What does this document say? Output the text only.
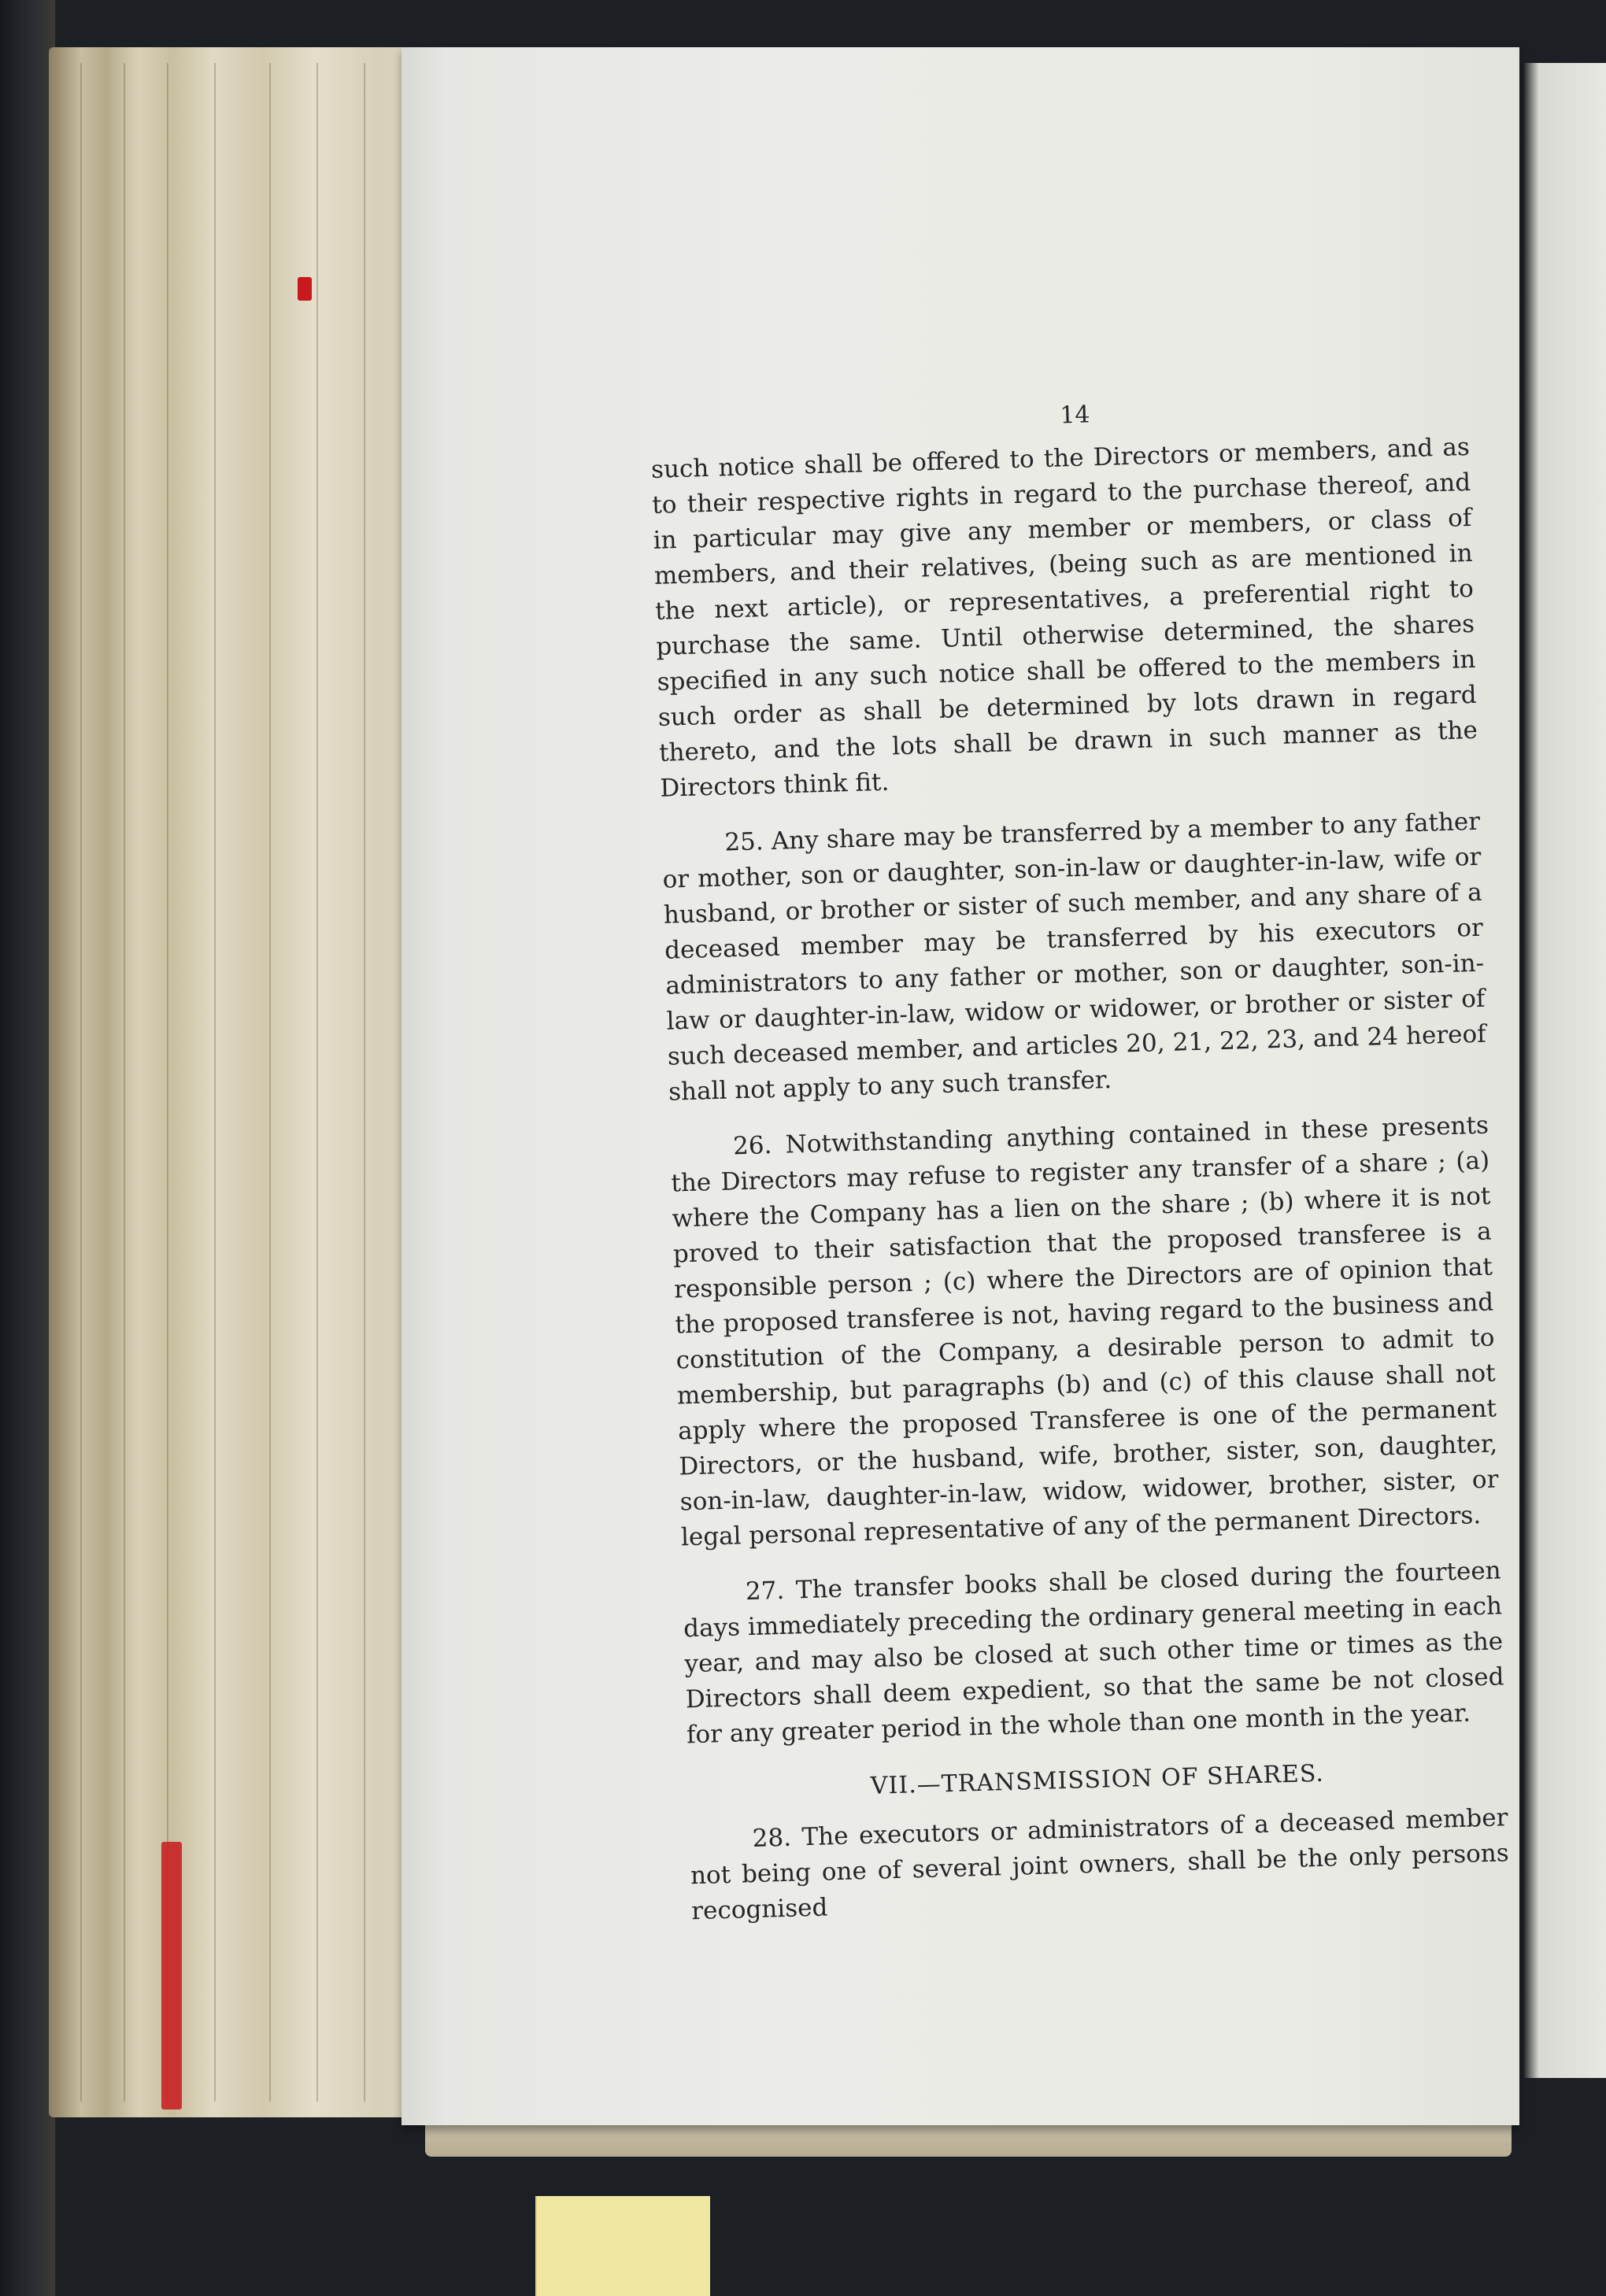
14

such notice shall be offered to the Directors or members, and as to their respective rights in regard to the purchase thereof, and in particular may give any member or members, or class of members, and their relatives, (being such as are mentioned in the next article), or representatives, a preferential right to purchase the same. Until otherwise determined, the shares specified in any such notice shall be offered to the members in such order as shall be determined by lots drawn in regard thereto, and the lots shall be drawn in such manner as the Directors think fit.

25. Any share may be transferred by a member to any father or mother, son or daughter, son-in-law or daughter-in-law, wife or husband, or brother or sister of such member, and any share of a deceased member may be transferred by his executors or administrators to any father or mother, son or daughter, son-in-law or daughter-in-law, widow or widower, or brother or sister of such deceased member, and articles 20, 21, 22, 23, and 24 hereof shall not apply to any such transfer.

26. Notwithstanding anything contained in these presents the Directors may refuse to register any transfer of a share ; (a) where the Company has a lien on the share ; (b) where it is not proved to their satisfaction that the proposed transferee is a responsible person ; (c) where the Directors are of opinion that the proposed transferee is not, having regard to the business and constitution of the Company, a desirable person to admit to membership, but paragraphs (b) and (c) of this clause shall not apply where the proposed Transferee is one of the permanent Directors, or the husband, wife, brother, sister, son, daughter, son-in-law, daughter-in-law, widow, widower, brother, sister, or legal personal representative of any of the permanent Directors.

27. The transfer books shall be closed during the fourteen days immediately preceding the ordinary general meeting in each year, and may also be closed at such other time or times as the Directors shall deem expedient, so that the same be not closed for any greater period in the whole than one month in the year.

VII.—TRANSMISSION OF SHARES.

28. The executors or administrators of a deceased member not being one of several joint owners, shall be the only persons recognised
